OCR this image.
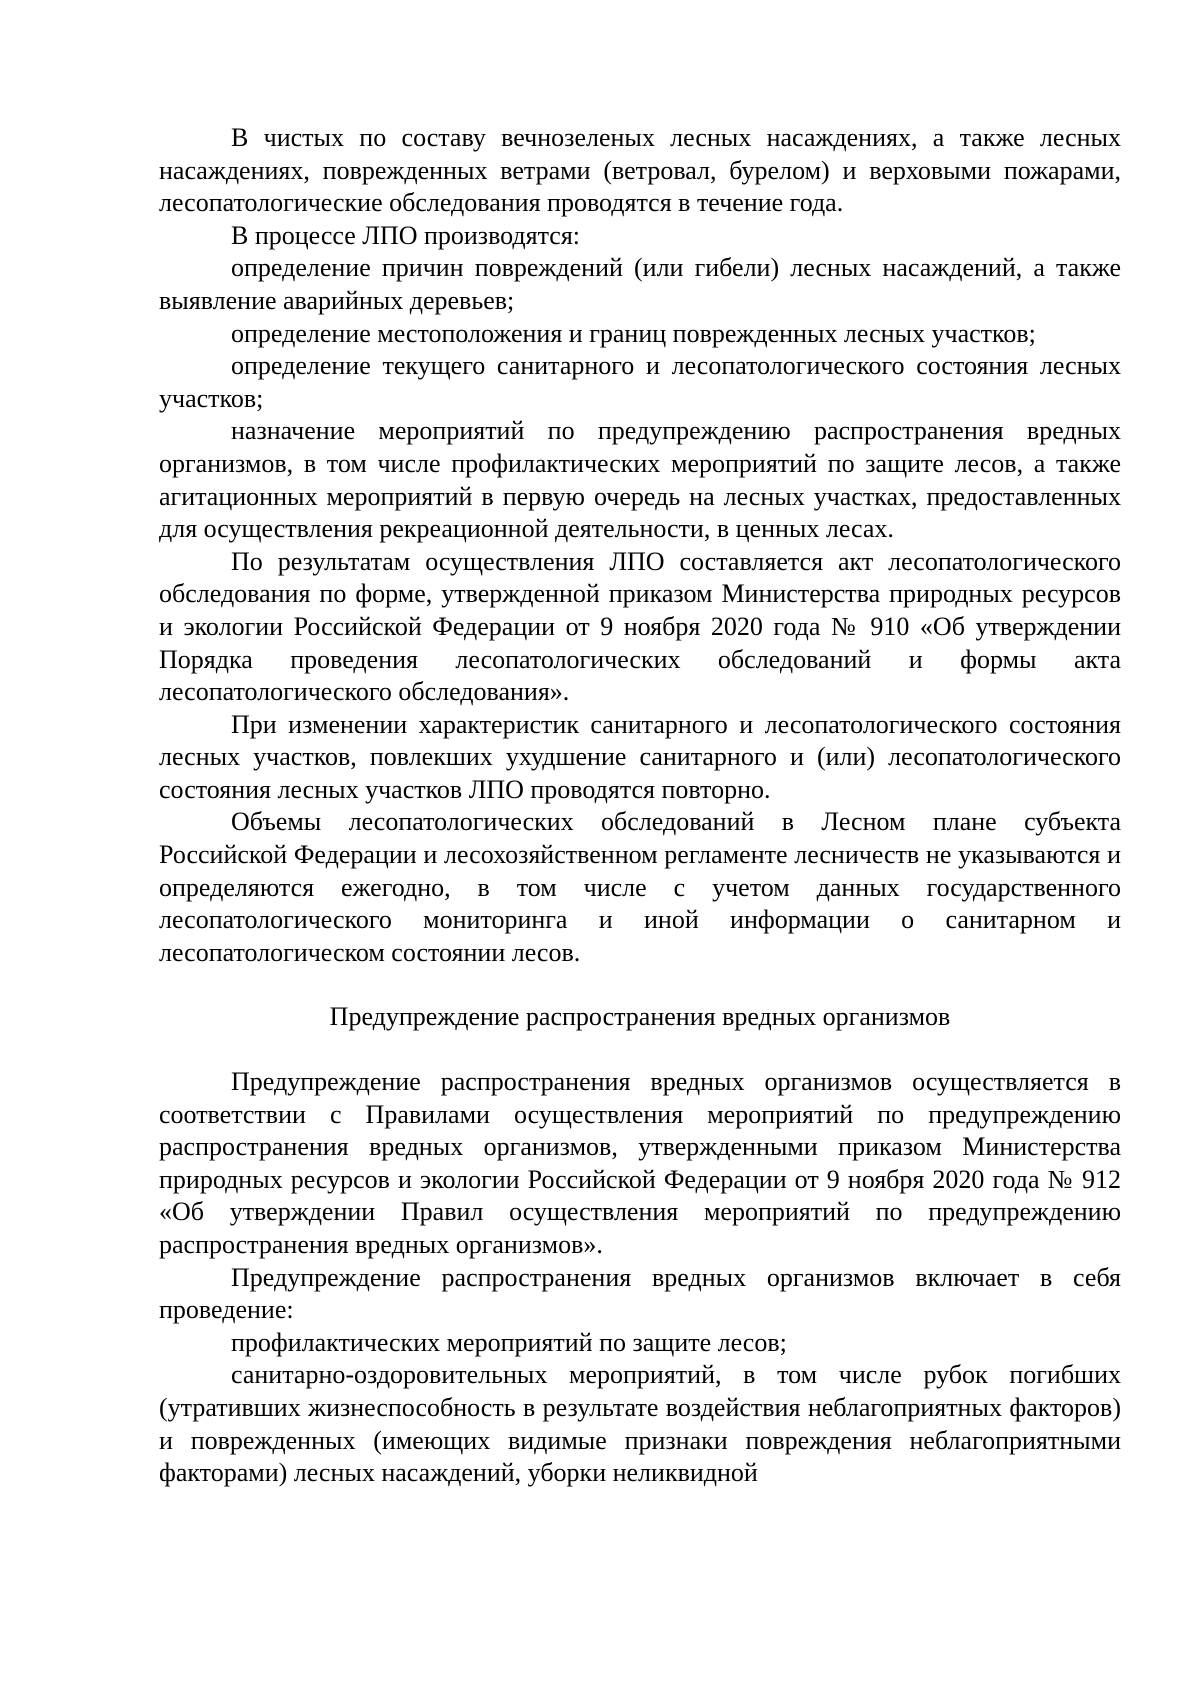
В чистых по составу вечнозеленых лесных насаждениях, а также лесных насаждениях, поврежденных ветрами (ветровал, бурелом) и верховыми пожарами, лесопатологические обследования проводятся в течение года.

В процессе ЛПО производятся:

определение причин повреждений (или гибели) лесных насаждений, а также выявление аварийных деревьев;

определение местоположения и границ поврежденных лесных участков;

определение текущего санитарного и лесопатологического состояния лесных участков;

назначение мероприятий по предупреждению распространения вредных организмов, в том числе профилактических мероприятий по защите лесов, а также агитационных мероприятий в первую очередь на лесных участках, предоставленных для осуществления рекреационной деятельности, в ценных лесах.

По результатам осуществления ЛПО составляется акт лесопатологического обследования по форме, утвержденной приказом Министерства природных ресурсов и экологии Российской Федерации от 9 ноября 2020 года № 910 «Об утверждении Порядка проведения лесопатологических обследований и формы акта лесопатологического обследования».

При изменении характеристик санитарного и лесопатологического состояния лесных участков, повлекших ухудшение санитарного и (или) лесопатологического состояния лесных участков ЛПО проводятся повторно.

Объемы лесопатологических обследований в Лесном плане субъекта Российской Федерации и лесохозяйственном регламенте лесничеств не указываются и определяются ежегодно, в том числе с учетом данных государственного лесопатологического мониторинга и иной информации о санитарном и лесопатологическом состоянии лесов.

Предупреждение распространения вредных организмов

Предупреждение распространения вредных организмов осуществляется в соответствии с Правилами осуществления мероприятий по предупреждению распространения вредных организмов, утвержденными приказом Министерства природных ресурсов и экологии Российской Федерации от 9 ноября 2020 года № 912 «Об утверждении Правил осуществления мероприятий по предупреждению распространения вредных организмов».

Предупреждение распространения вредных организмов включает в себя проведение:

профилактических мероприятий по защите лесов;

санитарно-оздоровительных мероприятий, в том числе рубок погибших (утративших жизнеспособность в результате воздействия неблагоприятных факторов) и поврежденных (имеющих видимые признаки повреждения неблагоприятными факторами) лесных насаждений, уборки неликвидной
